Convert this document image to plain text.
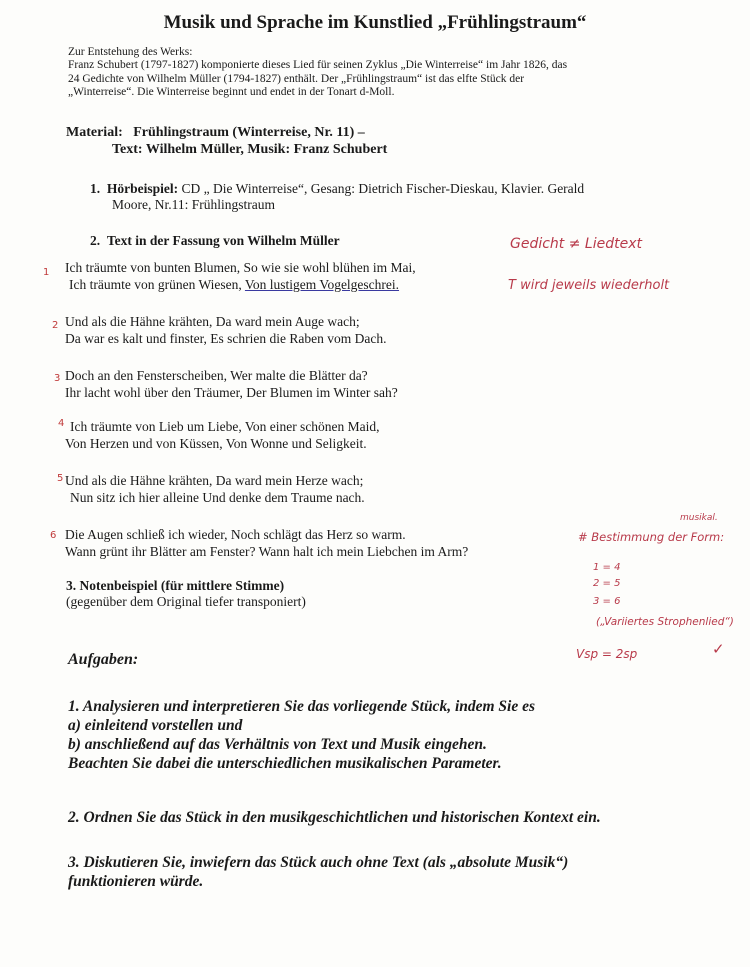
Musik und Sprache im Kunstlied „Frühlingstraum“
Zur Entstehung des Werks:
Franz Schubert (1797-1827) komponierte dieses Lied für seinen Zyklus „Die Winterreise“ im Jahr 1826, das
24 Gedichte von Wilhelm Müller (1794-1827) enthält. Der „Frühlingstraum“ ist das elfte Stück der
„Winterreise“. Die Winterreise beginnt und endet in der Tonart d-Moll.
Material: Frühlingstraum (Winterreise, Nr. 11) –
Text: Wilhelm Müller, Musik: Franz Schubert
1. Hörbeispiel: CD „ Die Winterreise“, Gesang: Dietrich Fischer-Dieskau, Klavier. Gerald
Moore, Nr.11: Frühlingstraum
2. Text in der Fassung von Wilhelm Müller
1 Ich träumte von bunten Blumen, So wie sie wohl blühen im Mai,
Ich träumte von grünen Wiesen, Von lustigem Vogelgeschrei.
2 Und als die Hähne krähten, Da ward mein Auge wach;
Da war es kalt und finster, Es schrien die Raben vom Dach.
3 Doch an den Fensterscheiben, Wer malte die Blätter da?
Ihr lacht wohl über den Träumer, Der Blumen im Winter sah?
4 Ich träumte von Lieb um Liebe, Von einer schönen Maid,
Von Herzen und von Küssen, Von Wonne und Seligkeit.
5 Und als die Hähne krähten, Da ward mein Herze wach;
Nun sitz ich hier alleine Und denke dem Traume nach.
6 Die Augen schließ ich wieder, Noch schlägt das Herz so warm.
Wann grünt ihr Blätter am Fenster? Wann halt ich mein Liebchen im Arm?
3. Notenbeispiel (für mittlere Stimme)
(gegenüber dem Original tiefer transponiert)
Gedicht ≠ Liedtext
T wird jeweils wiederholt
musikal.
# Bestimmung der Form:
1 = 4
2 = 5
3 = 6
(„Variiertes Strophenlied“)
Vsp = 2sp	✓
Aufgaben:
1. Analysieren und interpretieren Sie das vorliegende Stück, indem Sie es
a) einleitend vorstellen und
b) anschließend auf das Verhältnis von Text und Musik eingehen.
Beachten Sie dabei die unterschiedlichen musikalischen Parameter.
2. Ordnen Sie das Stück in den musikgeschichtlichen und historischen Kontext ein.
3. Diskutieren Sie, inwiefern das Stück auch ohne Text (als „absolute Musik“)
funktionieren würde.
